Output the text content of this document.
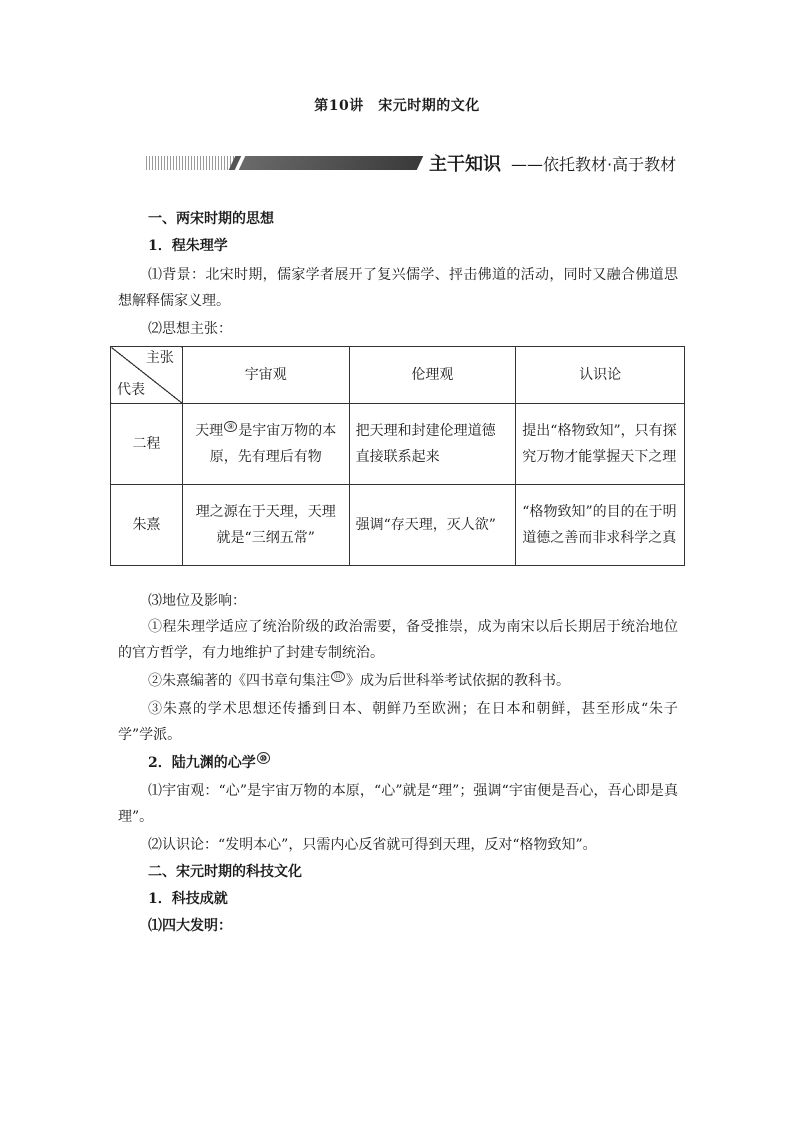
第10讲　宋元时期的文化
主干知识 ——依托教材·高于教材
一、两宋时期的思想
1．程朱理学
⑴背景：北宋时期，儒家学者展开了复兴儒学、抨击佛道的活动，同时又融合佛道思想解释儒家义理。
⑵思想主张：
主张
代表	宇宙观	伦理观	认识论
二程	天理 ⑨ 是宇宙万物的本原，先有理后有物	把天理和封建伦理道德直接联系起来	提出“格物致知”，只有探究万物才能掌握天下之理
朱熹	理之源在于天理，天理就是“三纲五常”	强调“存天理，灭人欲”	“格物致知”的目的在于明道德之善而非求科学之真
⑶地位及影响：
①程朱理学适应了统治阶级的政治需要，备受推崇，成为南宋以后长期居于统治地位的官方哲学，有力地维护了封建专制统治。
②朱熹编著的《四书章句集注 ⑪ 》成为后世科举考试依据的教科书。
③朱熹的学术思想还传播到日本、朝鲜乃至欧洲；在日本和朝鲜，甚至形成“朱子学”学派。
2．陆九渊的心学 ⑩
⑴宇宙观：“心”是宇宙万物的本原，“心”就是“理”；强调“宇宙便是吾心，吾心即是真理”。
⑵认识论：“发明本心”，只需内心反省就可得到天理，反对“格物致知”。
二、宋元时期的科技文化
1．科技成就
⑴四大发明：
